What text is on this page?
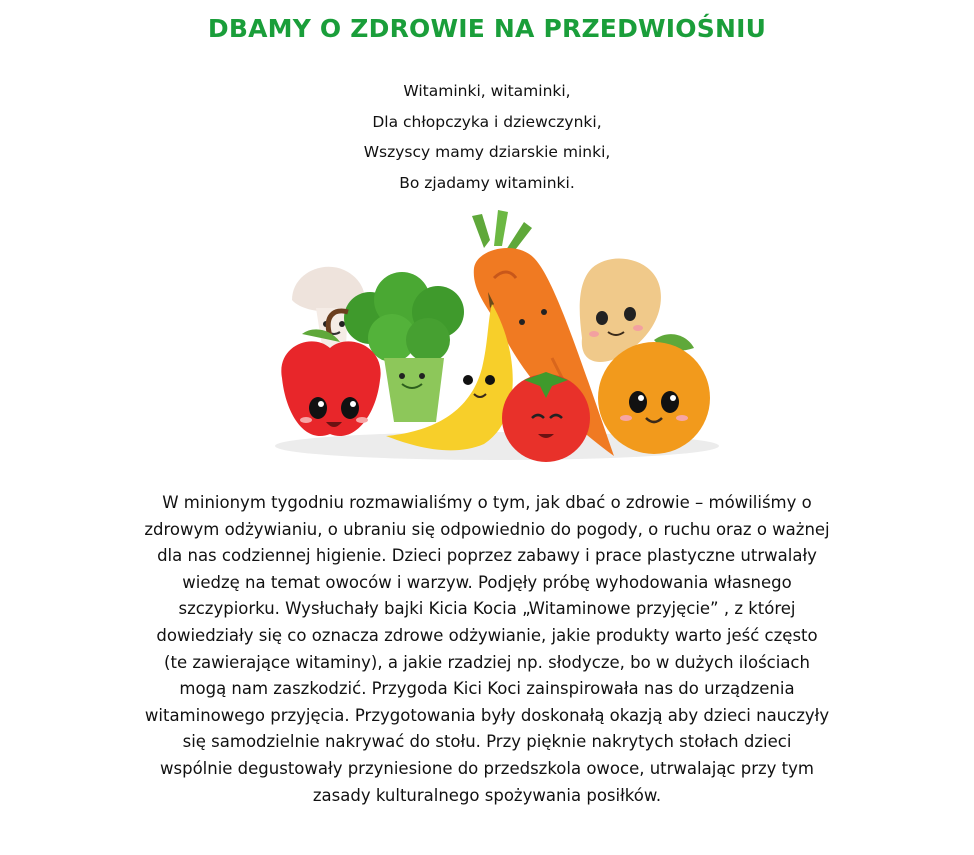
DBAMY O ZDROWIE NA PRZEDWIOŚNIU
Witaminki, witaminki,
Dla chłopczyka i dziewczynki,
Wszyscy mamy dziarskie minki,
Bo zjadamy witaminki.
W minionym tygodniu rozmawialiśmy o tym, jak dbać o zdrowie – mówiliśmy o
zdrowym odżywianiu, o ubraniu się odpowiednio do pogody, o ruchu oraz o ważnej
dla nas codziennej higienie. Dzieci poprzez zabawy i prace plastyczne utrwalały
wiedzę na temat owoców i warzyw. Podjęły próbę wyhodowania własnego
szczypiorku. Wysłuchały bajki Kicia Kocia „Witaminowe przyjęcie” , z której
dowiedziały się co oznacza zdrowe odżywianie, jakie produkty warto jeść często
(te zawierające witaminy), a jakie rzadziej np. słodycze, bo w dużych ilościach
mogą nam zaszkodzić. Przygoda Kici Koci zainspirowała nas do urządzenia
witaminowego przyjęcia. Przygotowania były doskonałą okazją aby dzieci nauczyły
się samodzielnie nakrywać do stołu. Przy pięknie nakrytych stołach dzieci
wspólnie degustowały przyniesione do przedszkola owoce, utrwalając przy tym
zasady kulturalnego spożywania posiłków.
